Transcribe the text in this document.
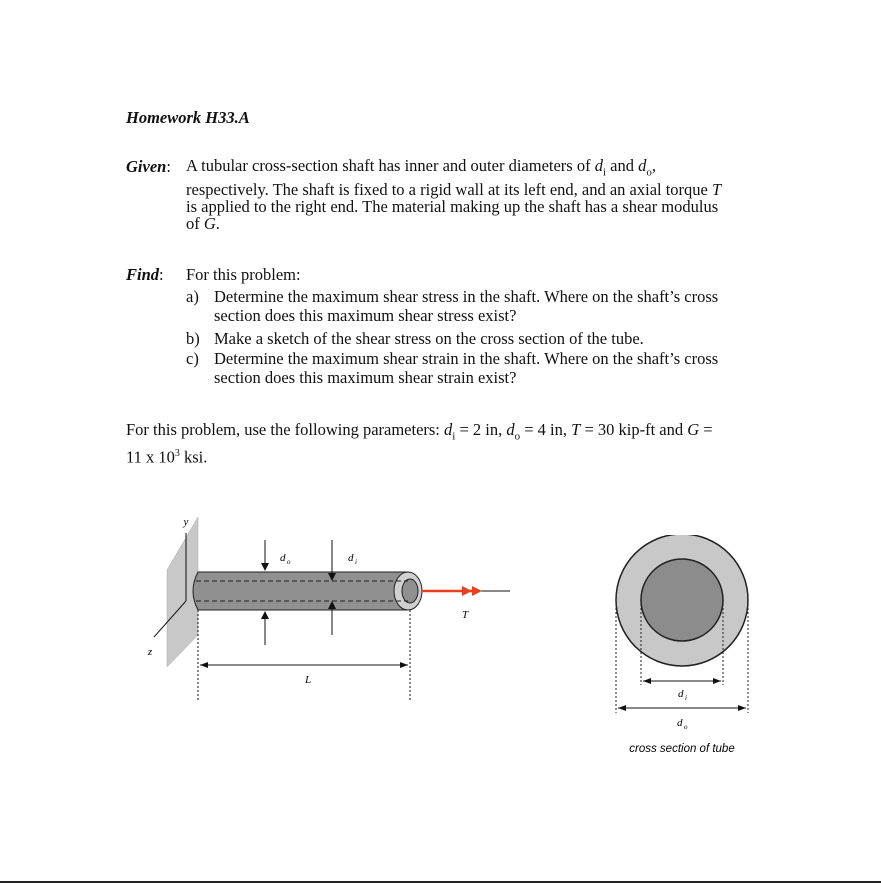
Homework H33.A
Given: A tubular cross-section shaft has inner and outer diameters of $d_i$ and $d_o$,
respectively. The shaft is fixed to a rigid wall at its left end, and an axial torque T
is applied to the right end. The material making up the shaft has a shear modulus
of G.
Find: For this problem:
a) Determine the maximum shear stress in the shaft. Where on the shaft’s cross
section does this maximum shear stress exist?
b) Make a sketch of the shear stress on the cross section of the tube.
c) Determine the maximum shear strain in the shaft. Where on the shaft’s cross
section does this maximum shear strain exist?
For this problem, use the following parameters: $d_i = 2$ in, $d_o = 4$ in, T = 30 kip-ft and G =
11 x $10^3$ ksi.
y
z
d o	d i
T
L
d i
d o
cross section of tube
